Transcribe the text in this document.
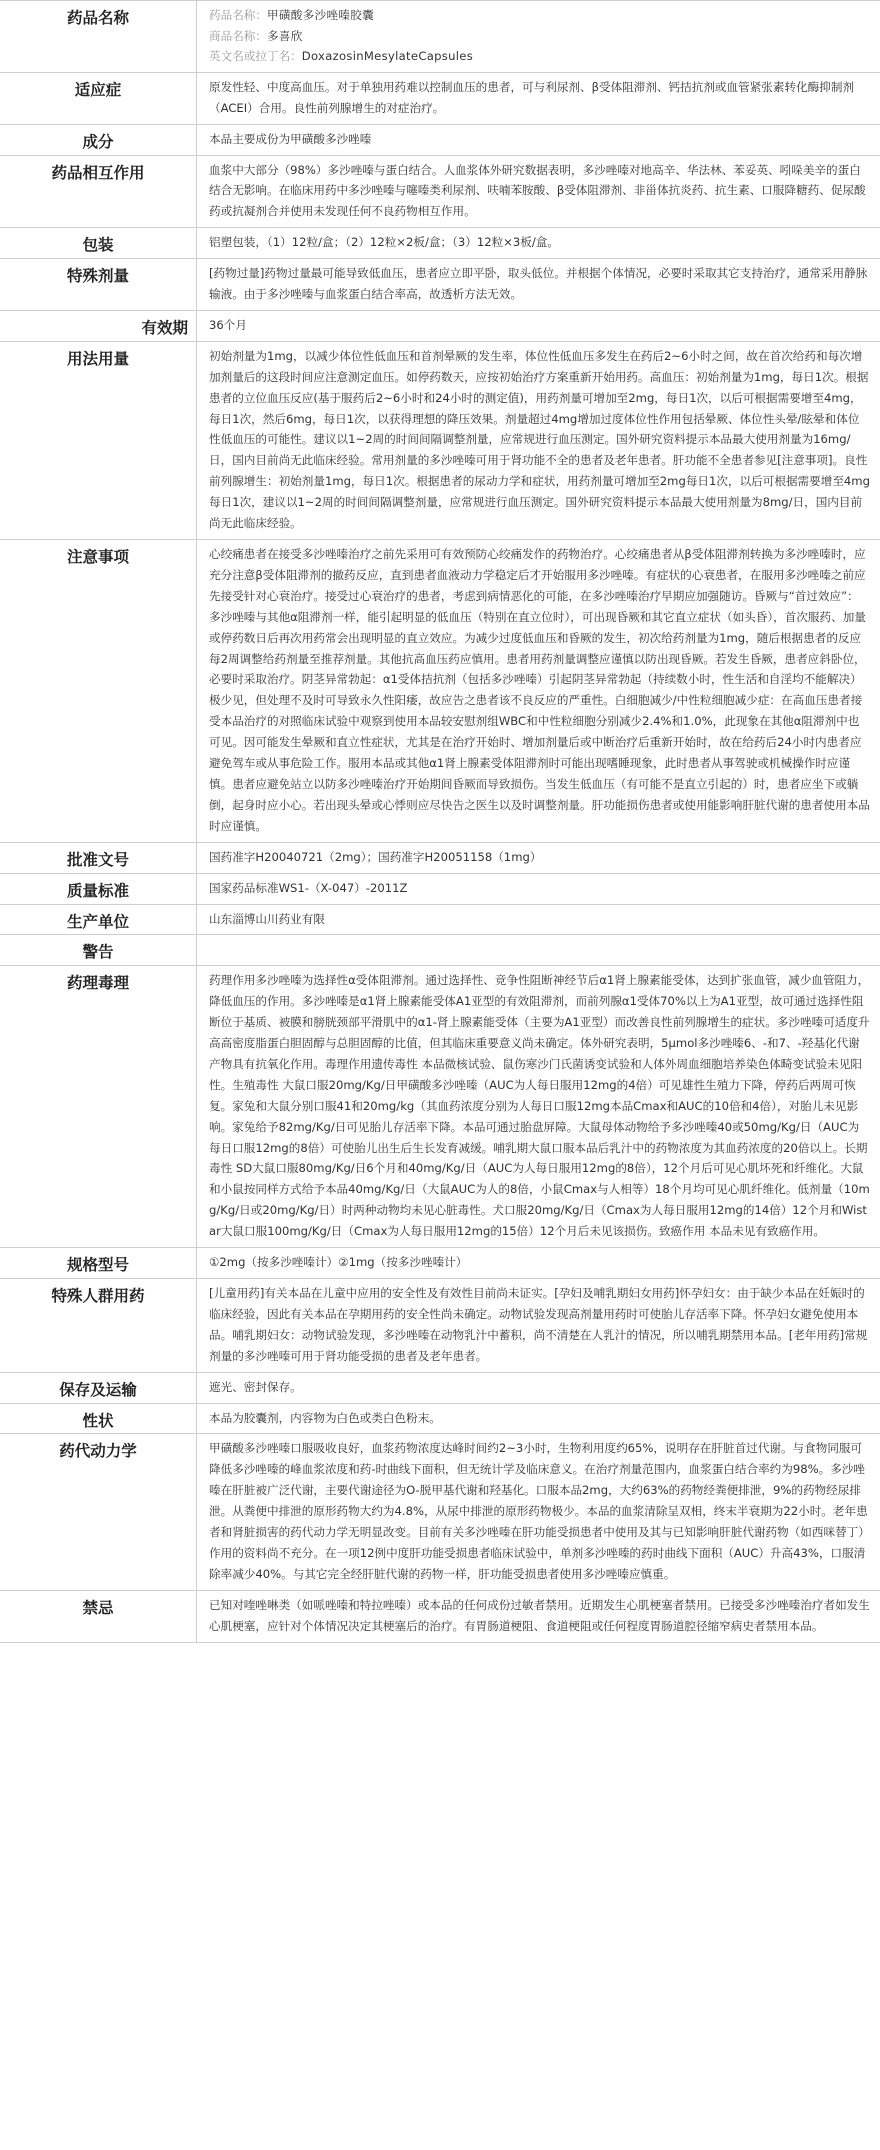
药品名称	药品名称：甲磺酸多沙唑嗪胶囊

商品名称：多喜欣

英文名或拉丁名：DoxazosinMesylateCapsules

适应症	原发性轻、中度高血压。对于单独用药难以控制血压的患者，可与利尿剂、β受体阻滞剂、钙拮抗剂或血管紧张素转化酶抑制剂（ACEI）合用。良性前列腺增生的对症治疗。

成分	本品主要成份为甲磺酸多沙唑嗪

药品相互作用	血浆中大部分（98%）多沙唑嗪与蛋白结合。人血浆体外研究数据表明，多沙唑嗪对地高辛、华法林、苯妥英、吲哚美辛的蛋白结合无影响。在临床用药中多沙唑嗪与噻嗪类利尿剂、呋喃苯胺酸、β受体阻滞剂、非甾体抗炎药、抗生素、口服降糖药、促尿酸药或抗凝剂合并使用未发现任何不良药物相互作用。

包装	铝塑包装，（1）12粒/盒；（2）12粒×2板/盒；（3）12粒×3板/盒。

特殊剂量	[药物过量]药物过量最可能导致低血压，患者应立即平卧，取头低位。并根据个体情况，必要时采取其它支持治疗，通常采用静脉输液。由于多沙唑嗪与血浆蛋白结合率高，故透析方法无效。

有效期	36个月

用法用量	初始剂量为1mg，以减少体位性低血压和首剂晕厥的发生率，体位性低血压多发生在药后2~6小时之间，故在首次给药和每次增加剂量后的这段时间应注意测定血压。如停药数天，应按初始治疗方案重新开始用药。高血压：初始剂量为1mg，每日1次。根据患者的立位血压反应(基于服药后2~6小时和24小时的测定值)，用药剂量可增加至2mg，每日1次，以后可根据需要增至4mg，每日1次，然后6mg，每日1次，以获得理想的降压效果。剂量超过4mg增加过度体位性作用包括晕厥、体位性头晕/眩晕和体位性低血压的可能性。建议以1~2周的时间间隔调整剂量，应常规进行血压测定。国外研究资料提示本品最大使用剂量为16mg/日，国内目前尚无此临床经验。常用剂量的多沙唑嗪可用于肾功能不全的患者及老年患者。肝功能不全患者参见[注意事项]。良性前列腺增生：初始剂量1mg，每日1次。根据患者的尿动力学和症状，用药剂量可增加至2mg每日1次，以后可根据需要增至4mg每日1次，建议以1~2周的时间间隔调整剂量，应常规进行血压测定。国外研究资料提示本品最大使用剂量为8mg/日，国内目前尚无此临床经验。

注意事项	心绞痛患者在接受多沙唑嗪治疗之前先采用可有效预防心绞痛发作的药物治疗。心绞痛患者从β受体阻滞剂转换为多沙唑嗪时，应充分注意β受体阻滞剂的撤药反应，直到患者血液动力学稳定后才开始服用多沙唑嗪。有症状的心衰患者，在服用多沙唑嗪之前应先接受针对心衰治疗。接受过心衰治疗的患者，考虑到病情恶化的可能，在多沙唑嗪治疗早期应加强随访。昏厥与“首过效应”：多沙唑嗪与其他α阻滞剂一样，能引起明显的低血压（特别在直立位时），可出现昏厥和其它直立症状（如头昏），首次服药、加量或停药数日后再次用药常会出现明显的直立效应。为减少过度低血压和昏厥的发生，初次给药剂量为1mg，随后根据患者的反应每2周调整给药剂量至推荐剂量。其他抗高血压药应慎用。患者用药剂量调整应谨慎以防出现昏厥。若发生昏厥，患者应斜卧位，必要时采取治疗。阴茎异常勃起：α1受体拮抗剂（包括多沙唑嗪）引起阴茎异常勃起（持续数小时，性生活和自淫均不能解决）极少见，但处理不及时可导致永久性阳痿，故应告之患者该不良反应的严重性。白细胞减少/中性粒细胞减少症：在高血压患者接受本品治疗的对照临床试验中观察到使用本品较安慰剂组WBC和中性粒细胞分别减少2.4%和1.0%，此现象在其他α阻滞剂中也可见。因可能发生晕厥和直立性症状，尤其是在治疗开始时、增加剂量后或中断治疗后重新开始时，故在给药后24小时内患者应避免驾车或从事危险工作。服用本品或其他α1肾上腺素受体阻滞剂时可能出现嗜睡现象，此时患者从事驾驶或机械操作时应谨慎。患者应避免站立以防多沙唑嗪治疗开始期间昏厥而导致损伤。当发生低血压（有可能不是直立引起的）时，患者应坐下或躺倒，起身时应小心。若出现头晕或心悸则应尽快告之医生以及时调整剂量。肝功能损伤患者或使用能影响肝脏代谢的患者使用本品时应谨慎。

批准文号	国药准字H20040721（2mg）；国药准字H20051158（1mg）

质量标准	国家药品标准WS1-（X-047）-2011Z

生产单位	山东淄博山川药业有限

警告

药理毒理	药理作用多沙唑嗪为选择性α受体阻滞剂。通过选择性、竞争性阻断神经节后α1肾上腺素能受体，达到扩张血管，减少血管阻力，降低血压的作用。多沙唑嗪是α1肾上腺素能受体A1亚型的有效阻滞剂，而前列腺α1受体70%以上为A1亚型，故可通过选择性阻断位于基质、被膜和膀胱颈部平滑肌中的α1-肾上腺素能受体（主要为A1亚型）而改善良性前列腺增生的症状。多沙唑嗪可适度升高高密度脂蛋白胆固醇与总胆固醇的比值，但其临床重要意义尚未确定。体外研究表明，5μmol多沙唑嗪6、-和7、-羟基化代谢产物具有抗氧化作用。毒理作用遗传毒性 本品微核试验、鼠伤寒沙门氏菌诱变试验和人体外周血细胞培养染色体畸变试验未见阳性。生殖毒性 大鼠口服20mg/Kg/日甲磺酸多沙唑嗪（AUC为人每日服用12mg的4倍）可见雄性生殖力下降，停药后两周可恢复。家兔和大鼠分别口服41和20mg/kg（其血药浓度分别为人每日口服12mg本品Cmax和AUC的10倍和4倍），对胎儿未见影响。家兔给予82mg/Kg/日可见胎儿存活率下降。本品可通过胎盘屏障。大鼠母体动物给予多沙唑嗪40或50mg/Kg/日（AUC为每日口服12mg的8倍）可使胎儿出生后生长发育减缓。哺乳期大鼠口服本品后乳汁中的药物浓度为其血药浓度的20倍以上。长期毒性 SD大鼠口服80mg/Kg/日6个月和40mg/Kg/日（AUC为人每日服用12mg的8倍），12个月后可见心肌坏死和纤维化。大鼠和小鼠按同样方式给予本品40mg/Kg/日（大鼠AUC为人的8倍，小鼠Cmax与人相等）18个月均可见心肌纤维化。低剂量（10mg/Kg/日或20mg/Kg/日）时两种动物均未见心脏毒性。犬口服20mg/Kg/日（Cmax为人每日服用12mg的14倍）12个月和Wistar大鼠口服100mg/Kg/日（Cmax为人每日服用12mg的15倍）12个月后未见该损伤。致癌作用 本品未见有致癌作用。

规格型号	①2mg（按多沙唑嗪计）②1mg（按多沙唑嗪计）

特殊人群用药	[儿童用药]有关本品在儿童中应用的安全性及有效性目前尚未证实。[孕妇及哺乳期妇女用药]怀孕妇女：由于缺少本品在妊娠时的临床经验，因此有关本品在孕期用药的安全性尚未确定。动物试验发现高剂量用药时可使胎儿存活率下降。怀孕妇女避免使用本品。哺乳期妇女：动物试验发现，多沙唑嗪在动物乳汁中蓄积，尚不清楚在人乳汁的情况，所以哺乳期禁用本品。[老年用药]常规剂量的多沙唑嗪可用于肾功能受损的患者及老年患者。

保存及运输	遮光、密封保存。

性状	本品为胶囊剂，内容物为白色或类白色粉末。

药代动力学	甲磺酸多沙唑嗪口服吸收良好，血浆药物浓度达峰时间约2~3小时，生物利用度约65%，说明存在肝脏首过代谢。与食物同服可降低多沙唑嗪的峰血浆浓度和药-时曲线下面积，但无统计学及临床意义。在治疗剂量范围内，血浆蛋白结合率约为98%。多沙唑嗪在肝脏被广泛代谢，主要代谢途径为O-脱甲基代谢和羟基化。口服本品2mg，大约63%的药物经粪便排泄，9%的药物经尿排泄。从粪便中排泄的原形药物大约为4.8%，从尿中排泄的原形药物极少。本品的血浆清除呈双相，终末半衰期为22小时。老年患者和肾脏损害的药代动力学无明显改变。目前有关多沙唑嗪在肝功能受损患者中使用及其与已知影响肝脏代谢药物（如西咪替丁）作用的资料尚不充分。在一项12例中度肝功能受损患者临床试验中，单剂多沙唑嗪的药时曲线下面积（AUC）升高43%，口服清除率减少40%。与其它完全经肝脏代谢的药物一样，肝功能受损患者使用多沙唑嗪应慎重。

禁忌	已知对喹唑啉类（如哌唑嗪和特拉唑嗪）或本品的任何成份过敏者禁用。近期发生心肌梗塞者禁用。已接受多沙唑嗪治疗者如发生心肌梗塞，应针对个体情况决定其梗塞后的治疗。有胃肠道梗阻、食道梗阻或任何程度胃肠道腔径缩窄病史者禁用本品。
